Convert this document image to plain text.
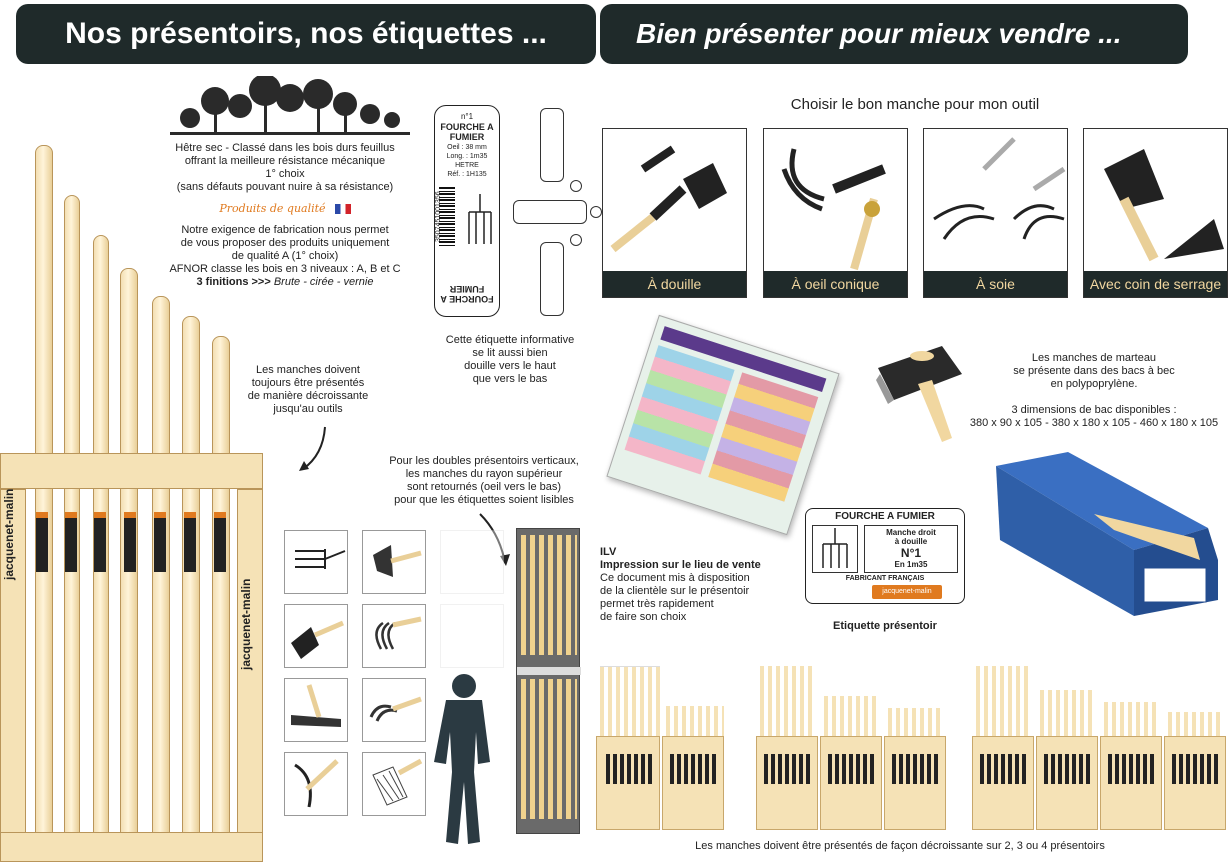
Nos présentoirs, nos étiquettes ...	Bien présenter pour mieux vendre ...
jacquenet-malin
jacquenet-malin
Hêtre sec - Classé dans les bois durs feuillus
offrant la meilleure résistance mécanique
1° choix
(sans défauts pouvant nuire à sa résistance)
Produits de qualité
Notre exigence de fabrication nous permet
de vous proposer des produits uniquement
de qualité A (1° choix)
AFNOR classe les bois en 3 niveaux : A, B et C
3 finitions >>> Brute - cirée - vernie
n°1
FOURCHE A FUMIER
Oeil : 38 mm
Long. : 1m35
HETRE
Réf. : 1H135
3507451001356
FOURCHE A FUMIER
Cette étiquette informative
se lit aussi bien
douille vers le haut
que vers le bas
Les manches doivent
toujours être présentés
de manière décroissante
jusqu'au outils
Pour les doubles présentoirs verticaux,
les manches du rayon supérieur
sont retournés (oeil vers le bas)
pour que les étiquettes soient lisibles
Choisir le bon manche pour mon outil
À douille	À oeil conique	À soie	Avec coin de serrage
ILV
Impression sur le lieu de vente
Ce document mis à disposition
de la clientèle sur le présentoir
permet très rapidement
de faire son choix
Les manches de marteau
se présente dans des bacs à bec
en polypoprylène.
3 dimensions de bac disponibles :
380 x 90 x 105 - 380 x 180 x 105 - 460 x 180 x 105
FOURCHE A FUMIER
Manche droit
à douille
N°1
En 1m35
FABRICANT FRANÇAIS
jacquenet-malin
Etiquette présentoir
Les manches doivent être présentés de façon décroissante sur 2, 3 ou 4 présentoirs
